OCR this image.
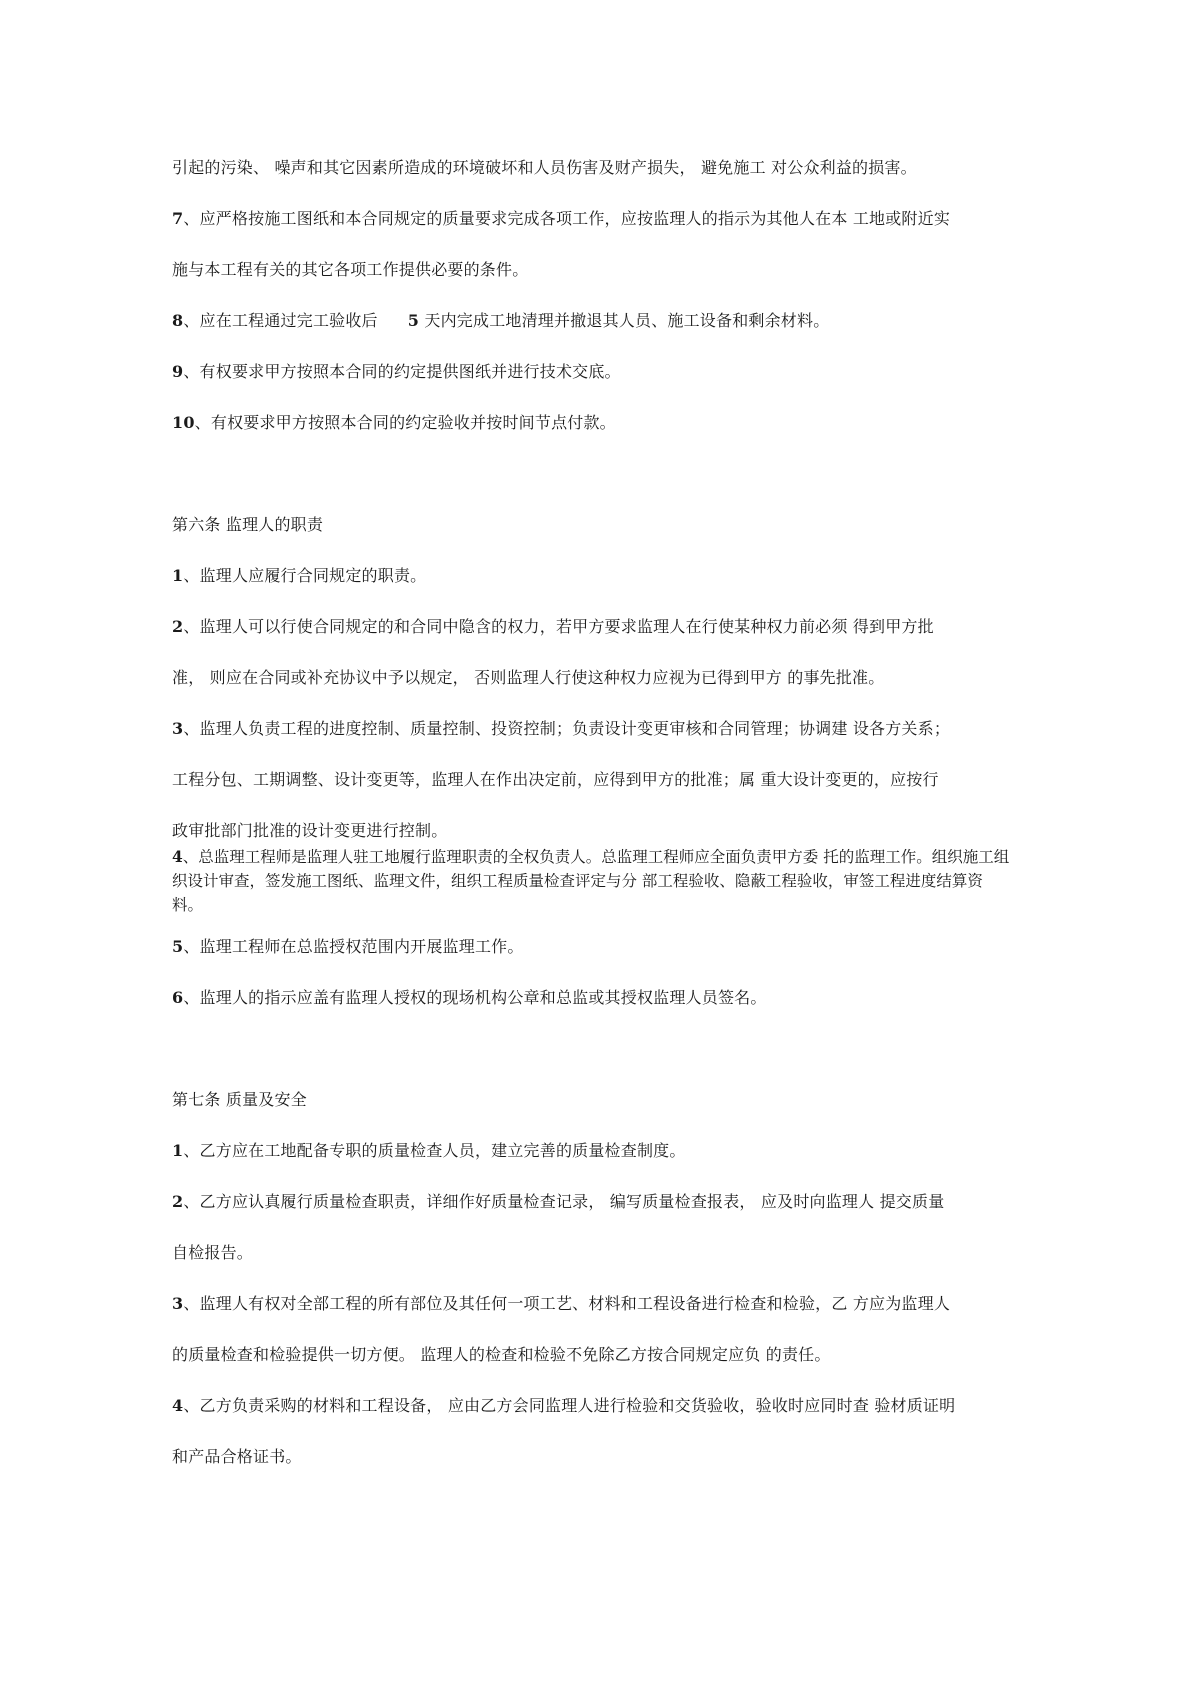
引起的污染、 噪声和其它因素所造成的环境破坏和人员伤害及财产损失， 避免施工 对公众利益的损害。
7、应严格按施工图纸和本合同规定的质量要求完成各项工作，应按监理人的指示为其他人在本 工地或附近实
施与本工程有关的其它各项工作提供必要的条件。
8、应在工程通过完工验收后 5 天内完成工地清理并撤退其人员、施工设备和剩余材料。
9、有权要求甲方按照本合同的约定提供图纸并进行技术交底。
10、有权要求甲方按照本合同的约定验收并按时间节点付款。
第六条 监理人的职责
1、监理人应履行合同规定的职责。
2、监理人可以行使合同规定的和合同中隐含的权力，若甲方要求监理人在行使某种权力前必须 得到甲方批
准， 则应在合同或补充协议中予以规定， 否则监理人行使这种权力应视为已得到甲方 的事先批准。
3、监理人负责工程的进度控制、质量控制、投资控制；负责设计变更审核和合同管理；协调建 设各方关系；
工程分包、工期调整、设计变更等，监理人在作出决定前，应得到甲方的批准；属 重大设计变更的，应按行
政审批部门批准的设计变更进行控制。
4、总监理工程师是监理人驻工地履行监理职责的全权负责人。总监理工程师应全面负责甲方委 托的监理工作。组织施工组织设计审查，签发施工图纸、监理文件，组织工程质量检查评定与分 部工程验收、隐蔽工程验收，审签工程进度结算资料。
5、监理工程师在总监授权范围内开展监理工作。
6、监理人的指示应盖有监理人授权的现场机构公章和总监或其授权监理人员签名。
第七条 质量及安全
1、乙方应在工地配备专职的质量检查人员，建立完善的质量检查制度。
2、乙方应认真履行质量检查职责，详细作好质量检查记录， 编写质量检查报表， 应及时向监理人 提交质量
自检报告。
3、监理人有权对全部工程的所有部位及其任何一项工艺、材料和工程设备进行检查和检验，乙 方应为监理人
的质量检查和检验提供一切方便。 监理人的检查和检验不免除乙方按合同规定应负 的责任。
4、乙方负责采购的材料和工程设备， 应由乙方会同监理人进行检验和交货验收，验收时应同时查 验材质证明
和产品合格证书。
